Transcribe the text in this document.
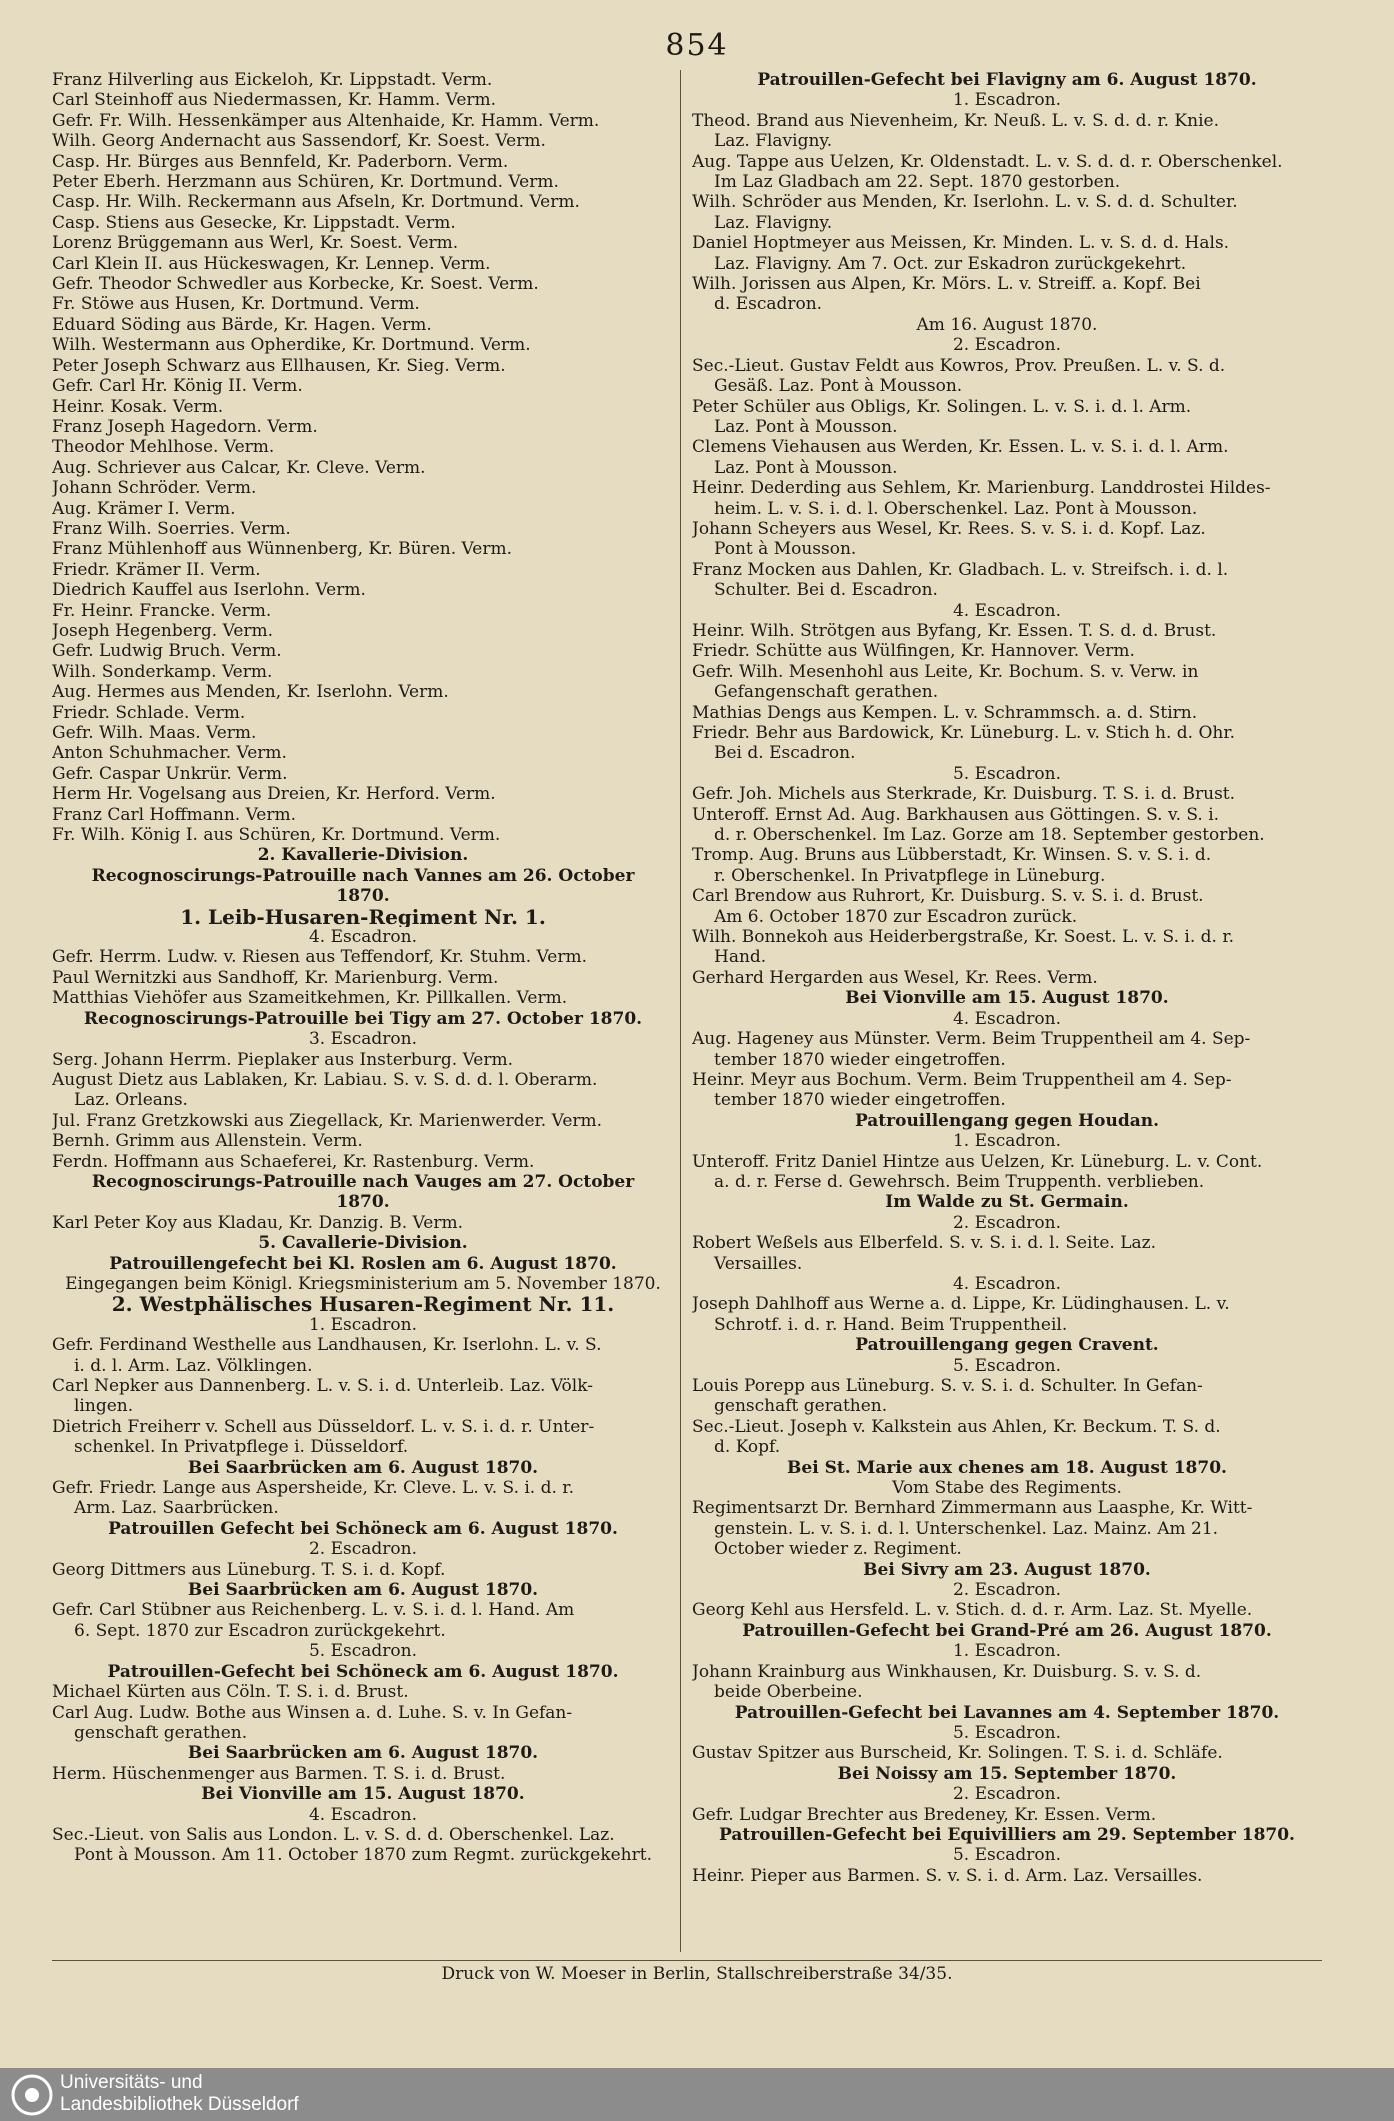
854
Franz Hilverling aus Eickeloh, Kr. Lippstadt. Verm.
Carl Steinhoff aus Niedermassen, Kr. Hamm. Verm.
Gefr. Fr. Wilh. Hessenkämper aus Altenhaide, Kr. Hamm. Verm.
Wilh. Georg Andernacht aus Sassendorf, Kr. Soest. Verm.
Casp. Hr. Bürges aus Bennfeld, Kr. Paderborn. Verm.
Peter Eberh. Herzmann aus Schüren, Kr. Dortmund. Verm.
Casp. Hr. Wilh. Reckermann aus Afseln, Kr. Dortmund. Verm.
Casp. Stiens aus Gesecke, Kr. Lippstadt. Verm.
Lorenz Brüggemann aus Werl, Kr. Soest. Verm.
Carl Klein II. aus Hückeswagen, Kr. Lennep. Verm.
Gefr. Theodor Schwedler aus Korbecke, Kr. Soest. Verm.
Fr. Stöwe aus Husen, Kr. Dortmund. Verm.
Eduard Söding aus Bärde, Kr. Hagen. Verm.
Wilh. Westermann aus Opherdike, Kr. Dortmund. Verm.
Peter Joseph Schwarz aus Ellhausen, Kr. Sieg. Verm.
Gefr. Carl Hr. König II. Verm.
Heinr. Kosak. Verm.
Franz Joseph Hagedorn. Verm.
Theodor Mehlhose. Verm.
Aug. Schriever aus Calcar, Kr. Cleve. Verm.
Johann Schröder. Verm.
Aug. Krämer I. Verm.
Franz Wilh. Soerries. Verm.
Franz Mühlenhoff aus Wünnenberg, Kr. Büren. Verm.
Friedr. Krämer II. Verm.
Diedrich Kauffel aus Iserlohn. Verm.
Fr. Heinr. Francke. Verm.
Joseph Hegenberg. Verm.
Gefr. Ludwig Bruch. Verm.
Wilh. Sonderkamp. Verm.
Aug. Hermes aus Menden, Kr. Iserlohn. Verm.
Friedr. Schlade. Verm.
Gefr. Wilh. Maas. Verm.
Anton Schuhmacher. Verm.
Gefr. Caspar Unkrür. Verm.
Herm Hr. Vogelsang aus Dreien, Kr. Herford. Verm.
Franz Carl Hoffmann. Verm.
Fr. Wilh. König I. aus Schüren, Kr. Dortmund. Verm.
2. Kavallerie-Division.
Recognoscirungs-Patrouille nach Vannes am 26. October
1870.
1. Leib-Husaren-Regiment Nr. 1.
4. Escadron.
Gefr. Herrm. Ludw. v. Riesen aus Teffendorf, Kr. Stuhm. Verm.
Paul Wernitzki aus Sandhoff, Kr. Marienburg. Verm.
Matthias Viehöfer aus Szameitkehmen, Kr. Pillkallen. Verm.
Recognoscirungs-Patrouille bei Tigy am 27. October 1870.
3. Escadron.
Serg. Johann Herrm. Pieplaker aus Insterburg. Verm.
August Dietz aus Lablaken, Kr. Labiau. S. v. S. d. d. l. Oberarm.
Laz. Orleans.
Jul. Franz Gretzkowski aus Ziegellack, Kr. Marienwerder. Verm.
Bernh. Grimm aus Allenstein. Verm.
Ferdn. Hoffmann aus Schaeferei, Kr. Rastenburg. Verm.
Recognoscirungs-Patrouille nach Vauges am 27. October
1870.
Karl Peter Koy aus Kladau, Kr. Danzig. B. Verm.
5. Cavallerie-Division.
Patrouillengefecht bei Kl. Roslen am 6. August 1870.
Eingegangen beim Königl. Kriegsministerium am 5. November 1870.
2. Westphälisches Husaren-Regiment Nr. 11.
1. Escadron.
Gefr. Ferdinand Westhelle aus Landhausen, Kr. Iserlohn. L. v. S.
i. d. l. Arm. Laz. Völklingen.
Carl Nepker aus Dannenberg. L. v. S. i. d. Unterleib. Laz. Völk-
lingen.
Dietrich Freiherr v. Schell aus Düsseldorf. L. v. S. i. d. r. Unter-
schenkel. In Privatpflege i. Düsseldorf.
Bei Saarbrücken am 6. August 1870.
Gefr. Friedr. Lange aus Aspersheide, Kr. Cleve. L. v. S. i. d. r.
Arm. Laz. Saarbrücken.
Patrouillen Gefecht bei Schöneck am 6. August 1870.
2. Escadron.
Georg Dittmers aus Lüneburg. T. S. i. d. Kopf.
Bei Saarbrücken am 6. August 1870.
Gefr. Carl Stübner aus Reichenberg. L. v. S. i. d. l. Hand. Am
6. Sept. 1870 zur Escadron zurückgekehrt.
5. Escadron.
Patrouillen-Gefecht bei Schöneck am 6. August 1870.
Michael Kürten aus Cöln. T. S. i. d. Brust.
Carl Aug. Ludw. Bothe aus Winsen a. d. Luhe. S. v. In Gefan-
genschaft gerathen.
Bei Saarbrücken am 6. August 1870.
Herm. Hüschenmenger aus Barmen. T. S. i. d. Brust.
Bei Vionville am 15. August 1870.
4. Escadron.
Sec.-Lieut. von Salis aus London. L. v. S. d. d. Oberschenkel. Laz.
Pont à Mousson. Am 11. October 1870 zum Regmt. zurückgekehrt.
Patrouillen-Gefecht bei Flavigny am 6. August 1870.
1. Escadron.
Theod. Brand aus Nievenheim, Kr. Neuß. L. v. S. d. d. r. Knie.
Laz. Flavigny.
Aug. Tappe aus Uelzen, Kr. Oldenstadt. L. v. S. d. d. r. Oberschenkel.
Im Laz Gladbach am 22. Sept. 1870 gestorben.
Wilh. Schröder aus Menden, Kr. Iserlohn. L. v. S. d. d. Schulter.
Laz. Flavigny.
Daniel Hoptmeyer aus Meissen, Kr. Minden. L. v. S. d. d. Hals.
Laz. Flavigny. Am 7. Oct. zur Eskadron zurückgekehrt.
Wilh. Jorissen aus Alpen, Kr. Mörs. L. v. Streiff. a. Kopf. Bei
d. Escadron.
Am 16. August 1870.
2. Escadron.
Sec.-Lieut. Gustav Feldt aus Kowros, Prov. Preußen. L. v. S. d.
Gesäß. Laz. Pont à Mousson.
Peter Schüler aus Obligs, Kr. Solingen. L. v. S. i. d. l. Arm.
Laz. Pont à Mousson.
Clemens Viehausen aus Werden, Kr. Essen. L. v. S. i. d. l. Arm.
Laz. Pont à Mousson.
Heinr. Dederding aus Sehlem, Kr. Marienburg. Landdrostei Hildes-
heim. L. v. S. i. d. l. Oberschenkel. Laz. Pont à Mousson.
Johann Scheyers aus Wesel, Kr. Rees. S. v. S. i. d. Kopf. Laz.
Pont à Mousson.
Franz Mocken aus Dahlen, Kr. Gladbach. L. v. Streifsch. i. d. l.
Schulter. Bei d. Escadron.
4. Escadron.
Heinr. Wilh. Strötgen aus Byfang, Kr. Essen. T. S. d. d. Brust.
Friedr. Schütte aus Wülfingen, Kr. Hannover. Verm.
Gefr. Wilh. Mesenhohl aus Leite, Kr. Bochum. S. v. Verw. in
Gefangenschaft gerathen.
Mathias Dengs aus Kempen. L. v. Schrammsch. a. d. Stirn.
Friedr. Behr aus Bardowick, Kr. Lüneburg. L. v. Stich h. d. Ohr.
Bei d. Escadron.
5. Escadron.
Gefr. Joh. Michels aus Sterkrade, Kr. Duisburg. T. S. i. d. Brust.
Unteroff. Ernst Ad. Aug. Barkhausen aus Göttingen. S. v. S. i.
d. r. Oberschenkel. Im Laz. Gorze am 18. September gestorben.
Tromp. Aug. Bruns aus Lübberstadt, Kr. Winsen. S. v. S. i. d.
r. Oberschenkel. In Privatpflege in Lüneburg.
Carl Brendow aus Ruhrort, Kr. Duisburg. S. v. S. i. d. Brust.
Am 6. October 1870 zur Escadron zurück.
Wilh. Bonnekoh aus Heiderbergstraße, Kr. Soest. L. v. S. i. d. r.
Hand.
Gerhard Hergarden aus Wesel, Kr. Rees. Verm.
Bei Vionville am 15. August 1870.
4. Escadron.
Aug. Hageney aus Münster. Verm. Beim Truppentheil am 4. Sep-
tember 1870 wieder eingetroffen.
Heinr. Meyr aus Bochum. Verm. Beim Truppentheil am 4. Sep-
tember 1870 wieder eingetroffen.
Patrouillengang gegen Houdan.
1. Escadron.
Unteroff. Fritz Daniel Hintze aus Uelzen, Kr. Lüneburg. L. v. Cont.
a. d. r. Ferse d. Gewehrsch. Beim Truppenth. verblieben.
Im Walde zu St. Germain.
2. Escadron.
Robert Weßels aus Elberfeld. S. v. S. i. d. l. Seite. Laz.
Versailles.
4. Escadron.
Joseph Dahlhoff aus Werne a. d. Lippe, Kr. Lüdinghausen. L. v.
Schrotf. i. d. r. Hand. Beim Truppentheil.
Patrouillengang gegen Cravent.
5. Escadron.
Louis Porepp aus Lüneburg. S. v. S. i. d. Schulter. In Gefan-
genschaft gerathen.
Sec.-Lieut. Joseph v. Kalkstein aus Ahlen, Kr. Beckum. T. S. d.
d. Kopf.
Bei St. Marie aux chenes am 18. August 1870.
Vom Stabe des Regiments.
Regimentsarzt Dr. Bernhard Zimmermann aus Laasphe, Kr. Witt-
genstein. L. v. S. i. d. l. Unterschenkel. Laz. Mainz. Am 21.
October wieder z. Regiment.
Bei Sivry am 23. August 1870.
2. Escadron.
Georg Kehl aus Hersfeld. L. v. Stich. d. d. r. Arm. Laz. St. Myelle.
Patrouillen-Gefecht bei Grand-Pré am 26. August 1870.
1. Escadron.
Johann Krainburg aus Winkhausen, Kr. Duisburg. S. v. S. d.
beide Oberbeine.
Patrouillen-Gefecht bei Lavannes am 4. September 1870.
5. Escadron.
Gustav Spitzer aus Burscheid, Kr. Solingen. T. S. i. d. Schläfe.
Bei Noissy am 15. September 1870.
2. Escadron.
Gefr. Ludgar Brechter aus Bredeney, Kr. Essen. Verm.
Patrouillen-Gefecht bei Equivilliers am 29. September 1870.
5. Escadron.
Heinr. Pieper aus Barmen. S. v. S. i. d. Arm. Laz. Versailles.
Druck von W. Moeser in Berlin, Stallschreiberstraße 34/35.
Universitäts- und
Landesbibliothek Düsseldorf
